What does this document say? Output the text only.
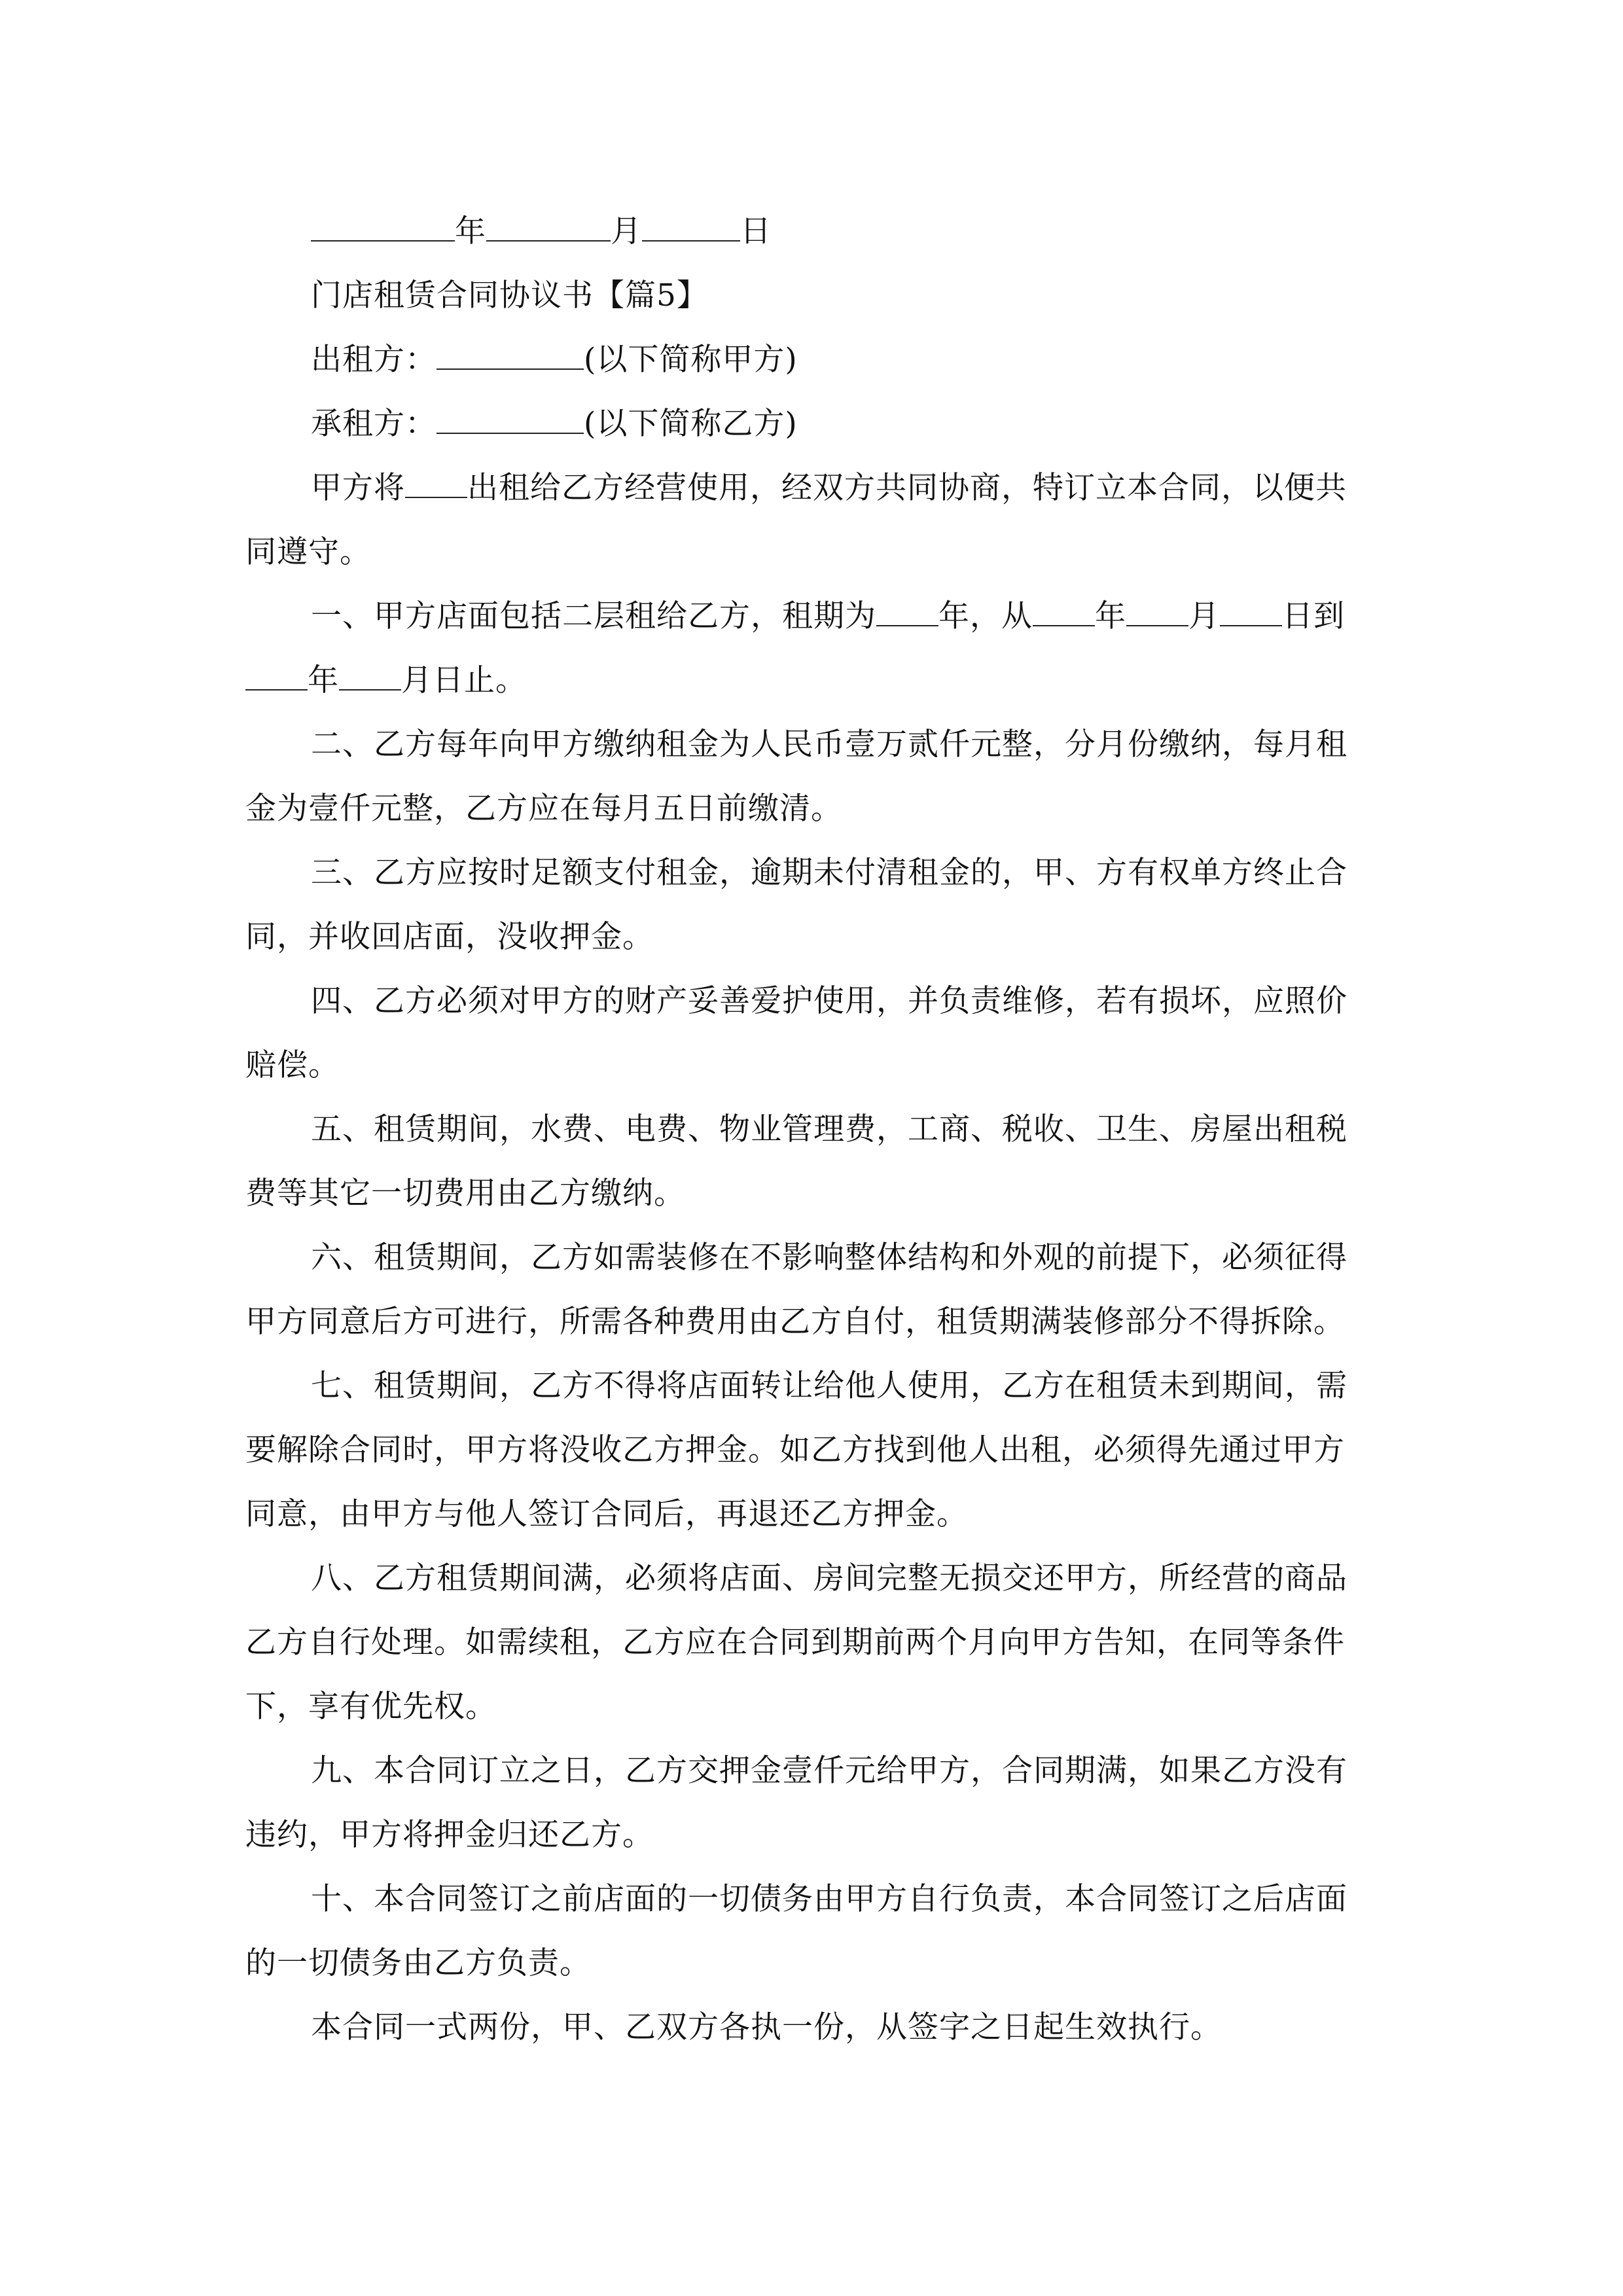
年	月	日
门店租赁合同协议书【篇5】
出租方：	(以下简称甲方)
承租方：	(以下简称乙方)
甲方将 出租给乙方经营使用，经双方共同协商，特订立本合同，以便共
同遵守。
一、甲方店面包括二层租给乙方，租期为 年，从 年 月 日到
年 月日止。
二、乙方每年向甲方缴纳租金为人民币壹万贰仟元整，分月份缴纳，每月租
金为壹仟元整，乙方应在每月五日前缴清。
三、乙方应按时足额支付租金，逾期未付清租金的，甲、方有权单方终止合
同，并收回店面，没收押金。
四、乙方必须对甲方的财产妥善爱护使用，并负责维修，若有损坏，应照价
赔偿。
五、租赁期间，水费、电费、物业管理费，工商、税收、卫生、房屋出租税
费等其它一切费用由乙方缴纳。
六、租赁期间，乙方如需装修在不影响整体结构和外观的前提下，必须征得
甲方同意后方可进行，所需各种费用由乙方自付，租赁期满装修部分不得拆除。
七、租赁期间，乙方不得将店面转让给他人使用，乙方在租赁未到期间，需
要解除合同时，甲方将没收乙方押金。如乙方找到他人出租，必须得先通过甲方
同意，由甲方与他人签订合同后，再退还乙方押金。
八、乙方租赁期间满，必须将店面、房间完整无损交还甲方，所经营的商品
乙方自行处理。如需续租，乙方应在合同到期前两个月向甲方告知，在同等条件
下，享有优先权。
九、本合同订立之日，乙方交押金壹仟元给甲方，合同期满，如果乙方没有
违约，甲方将押金归还乙方。
十、本合同签订之前店面的一切债务由甲方自行负责，本合同签订之后店面
的一切债务由乙方负责。
本合同一式两份，甲、乙双方各执一份，从签字之日起生效执行。
